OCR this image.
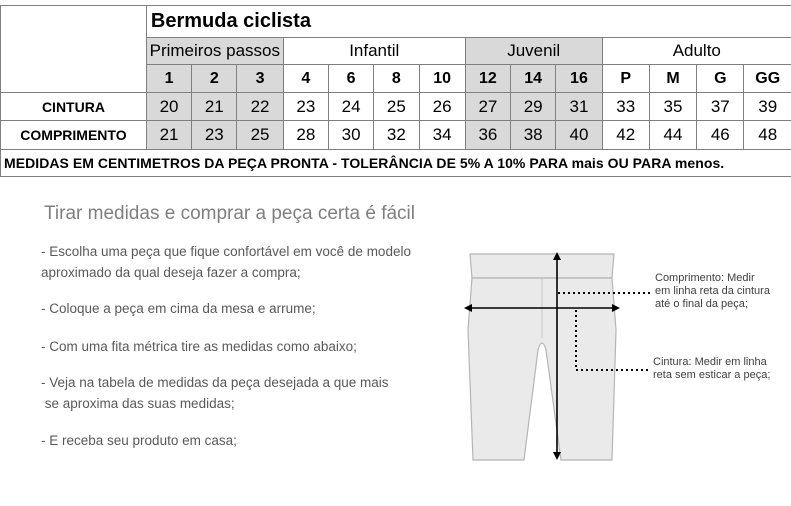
	Bermuda ciclista													
	Primeiros passos			Infantil				Juvenil			Adulto			
	1	2	3	4	6	8	10	12	14	16	P	M	G	GG
CINTURA	20	21	22	23	24	25	26	27	29	31	33	35	37	39
COMPRIMENTO	21	23	25	28	30	32	34	36	38	40	42	44	46	48
MEDIDAS EM CENTIMETROS DA PEÇA PRONTA - TOLERÂNCIA DE 5% A 10% PARA mais OU PARA menos.														
Tirar medidas e comprar a peça certa é fácil
- Escolha uma peça que fique confortável em você de modelo
aproximado da qual deseja fazer a compra;
- Coloque a peça em cima da mesa e arrume;
- Com uma fita métrica tire as medidas como abaixo;
- Veja na tabela de medidas da peça desejada a que mais
se aproxima das suas medidas;
- E receba seu produto em casa;
Comprimento: Medir
em linha reta da cintura
até o final da peça;
Cintura: Medir em linha
reta sem esticar a peça;
